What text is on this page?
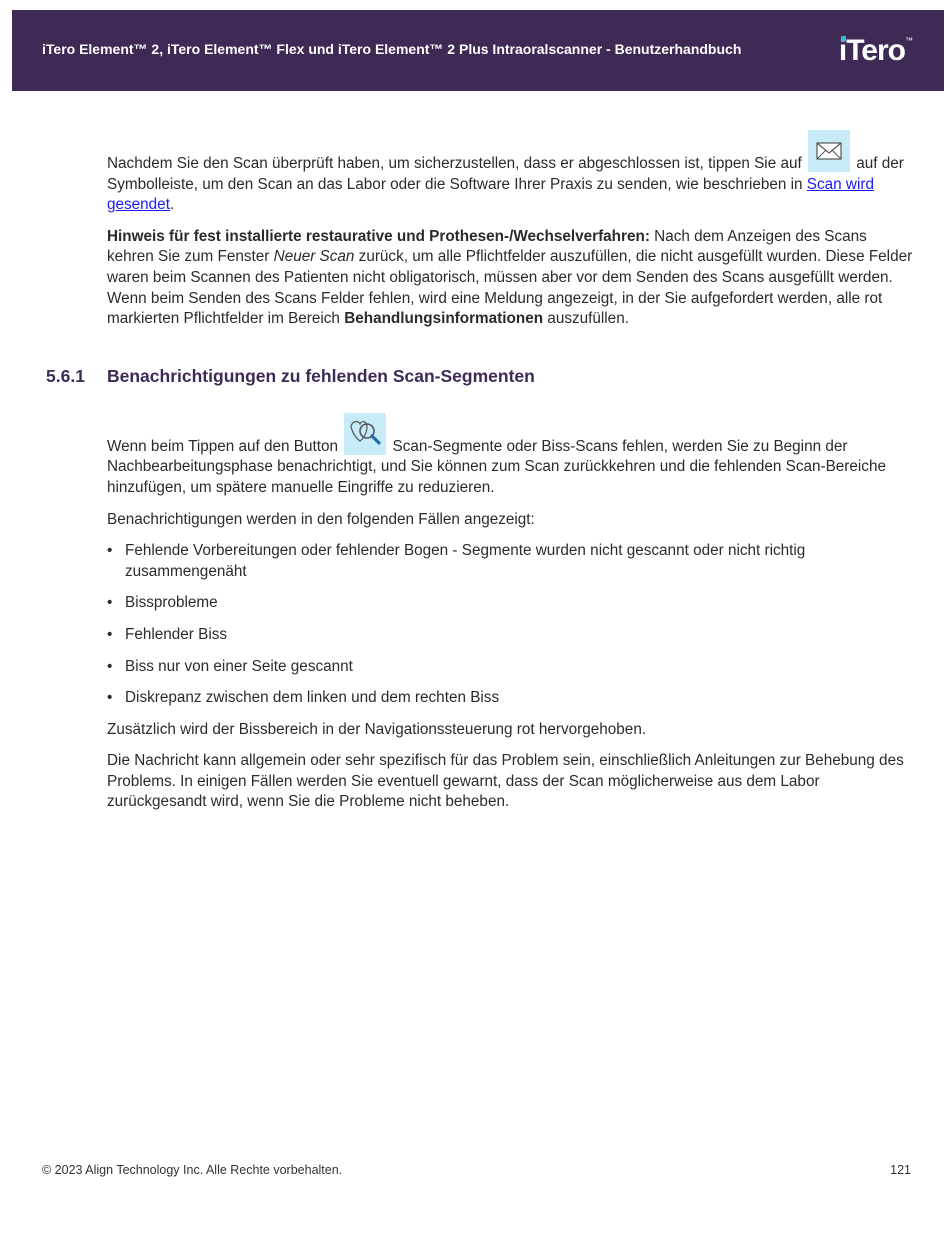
iTero Element™ 2, iTero Element™ Flex und iTero Element™ 2 Plus Intraoralscanner - Benutzerhandbuch	iTero™

Nachdem Sie den Scan überprüft haben, um sicherzustellen, dass er abgeschlossen ist, tippen Sie auf	auf der Symbolleiste, um den Scan an das Labor oder die Software Ihrer Praxis zu senden, wie beschrieben in Scan wird gesendet.

Hinweis für fest installierte restaurative und Prothesen-/Wechselverfahren: Nach dem Anzeigen des Scans kehren Sie zum Fenster Neuer Scan zurück, um alle Pflichtfelder auszufüllen, die nicht ausgefüllt wurden. Diese Felder waren beim Scannen des Patienten nicht obligatorisch, müssen aber vor dem Senden des Scans ausgefüllt werden. Wenn beim Senden des Scans Felder fehlen, wird eine Meldung angezeigt, in der Sie aufgefordert werden, alle rot markierten Pflichtfelder im Bereich Behandlungsinformationen auszufüllen.

5.6.1 Benachrichtigungen zu fehlenden Scan-Segmenten

Wenn beim Tippen auf den Button	Scan-Segmente oder Biss-Scans fehlen, werden Sie zu Beginn der Nachbearbeitungsphase benachrichtigt, und Sie können zum Scan zurückkehren und die fehlenden Scan-Bereiche hinzufügen, um spätere manuelle Eingriffe zu reduzieren.

Benachrichtigungen werden in den folgenden Fällen angezeigt:

• Fehlende Vorbereitungen oder fehlender Bogen - Segmente wurden nicht gescannt oder nicht richtig zusammengenäht
• Bissprobleme
• Fehlender Biss
• Biss nur von einer Seite gescannt
• Diskrepanz zwischen dem linken und dem rechten Biss

Zusätzlich wird der Bissbereich in der Navigationssteuerung rot hervorgehoben.

Die Nachricht kann allgemein oder sehr spezifisch für das Problem sein, einschließlich Anleitungen zur Behebung des Problems. In einigen Fällen werden Sie eventuell gewarnt, dass der Scan möglicherweise aus dem Labor zurückgesandt wird, wenn Sie die Probleme nicht beheben.

© 2023 Align Technology Inc. Alle Rechte vorbehalten.	121
